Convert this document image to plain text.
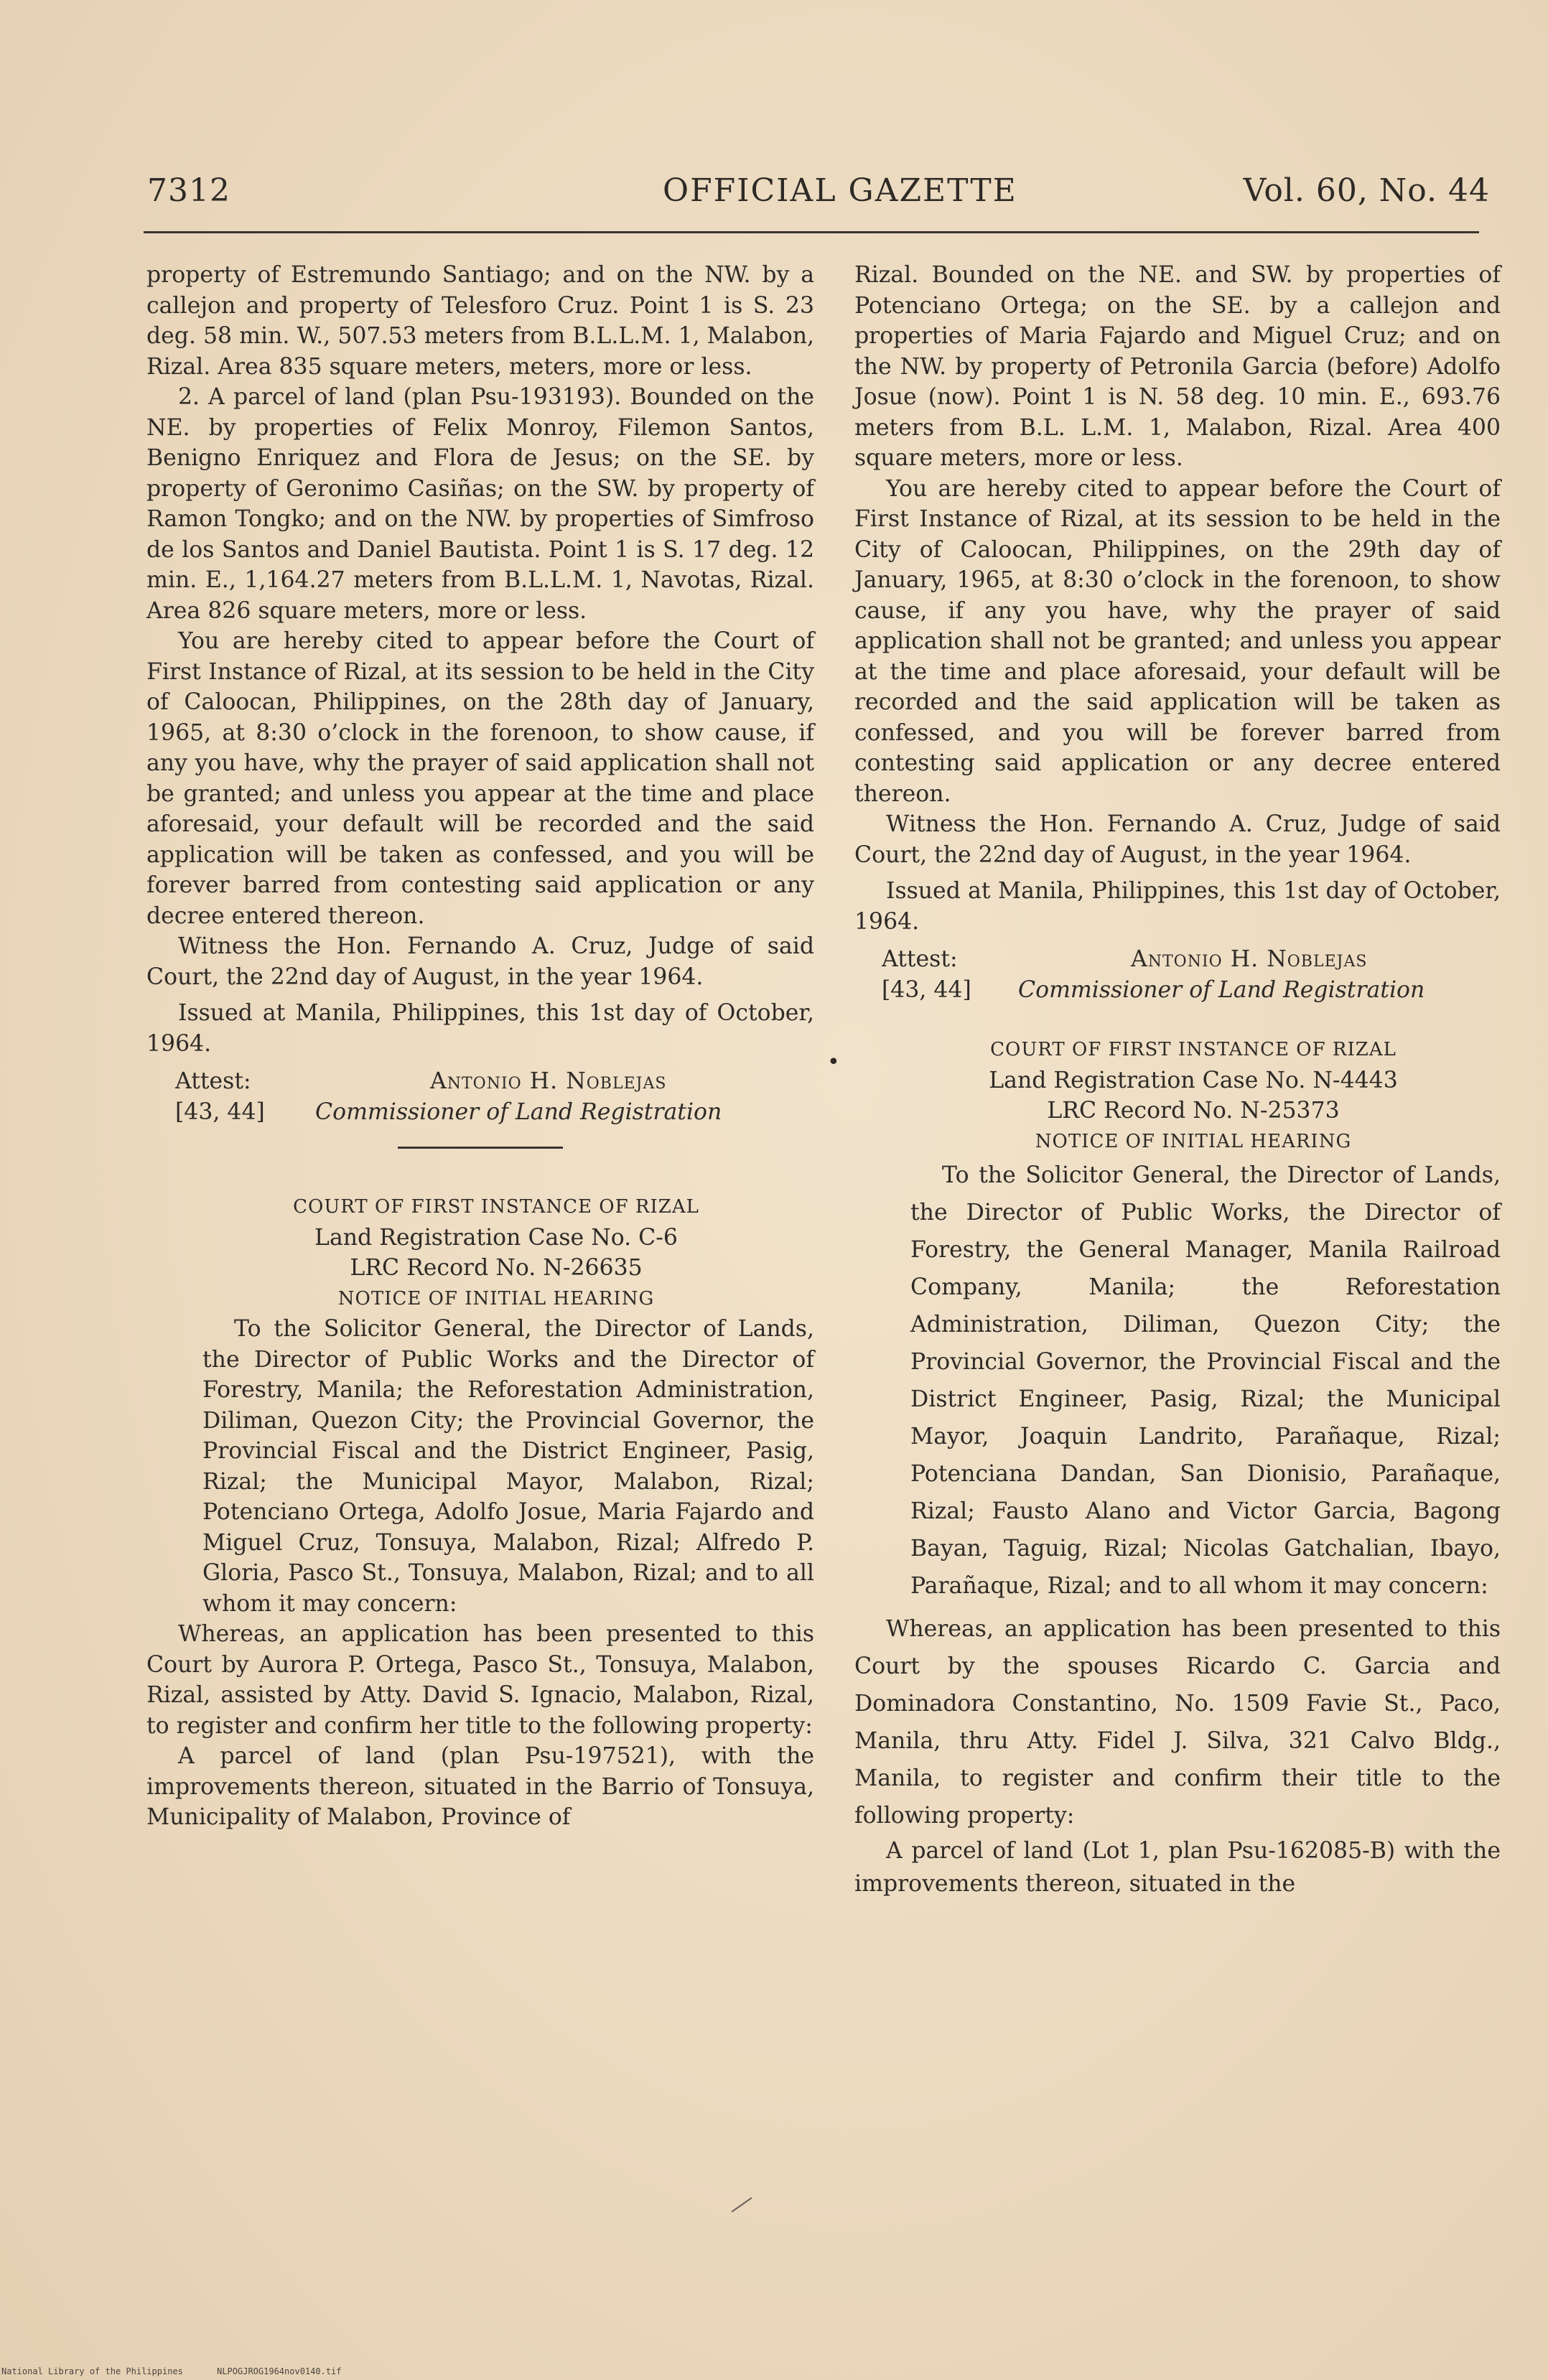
7312	OFFICIAL GAZETTE	Vol. 60, No. 44

property of Estremundo Santiago; and on the NW. by a callejon and property of Telesforo Cruz. Point 1 is S. 23 deg. 58 min. W., 507.53 meters from B.L.L.M. 1, Malabon, Rizal. Area 835 square meters, meters, more or less.

2. A parcel of land (plan Psu-193193). Bounded on the NE. by properties of Felix Monroy, Filemon Santos, Benigno Enriquez and Flora de Jesus; on the SE. by property of Geronimo Casiñas; on the SW. by property of Ramon Tongko; and on the NW. by properties of Simfroso de los Santos and Daniel Bautista. Point 1 is S. 17 deg. 12 min. E., 1,164.27 meters from B.L.L.M. 1, Navotas, Rizal. Area 826 square meters, more or less.

You are hereby cited to appear before the Court of First Instance of Rizal, at its session to be held in the City of Caloocan, Philippines, on the 28th day of January, 1965, at 8:30 o’clock in the forenoon, to show cause, if any you have, why the prayer of said application shall not be granted; and unless you appear at the time and place aforesaid, your default will be recorded and the said application will be taken as confessed, and you will be forever barred from contesting said application or any decree entered thereon.

Witness the Hon. Fernando A. Cruz, Judge of said Court, the 22nd day of August, in the year 1964.

Issued at Manila, Philippines, this 1st day of October, 1964.

Attest:	Antonio H. Noblejas
[43, 44] Commissioner of Land Registration

COURT OF FIRST INSTANCE OF RIZAL

Land Registration Case No. C-6

LRC Record No. N-26635

NOTICE OF INITIAL HEARING

To the Solicitor General, the Director of Lands, the Director of Public Works and the Director of Forestry, Manila; the Reforestation Administration, Diliman, Quezon City; the Provincial Governor, the Provincial Fiscal and the District Engineer, Pasig, Rizal; the Municipal Mayor, Malabon, Rizal; Potenciano Ortega, Adolfo Josue, Maria Fajardo and Miguel Cruz, Tonsuya, Malabon, Rizal; Alfredo P. Gloria, Pasco St., Tonsuya, Malabon, Rizal; and to all whom it may concern:

Whereas, an application has been presented to this Court by Aurora P. Ortega, Pasco St., Tonsuya, Malabon, Rizal, assisted by Atty. David S. Ignacio, Malabon, Rizal, to register and confirm her title to the following property:

A parcel of land (plan Psu-197521), with the improvements thereon, situated in the Barrio of Tonsuya, Municipality of Malabon, Province of

•

Rizal. Bounded on the NE. and SW. by properties of Potenciano Ortega; on the SE. by a callejon and properties of Maria Fajardo and Miguel Cruz; and on the NW. by property of Petronila Garcia (before) Adolfo Josue (now). Point 1 is N. 58 deg. 10 min. E., 693.76 meters from B.L. L.M. 1, Malabon, Rizal. Area 400 square meters, more or less.

You are hereby cited to appear before the Court of First Instance of Rizal, at its session to be held in the City of Caloocan, Philippines, on the 29th day of January, 1965, at 8:30 o’clock in the forenoon, to show cause, if any you have, why the prayer of said application shall not be granted; and unless you appear at the time and place aforesaid, your default will be recorded and the said application will be taken as confessed, and you will be forever barred from contesting said application or any decree entered thereon.

Witness the Hon. Fernando A. Cruz, Judge of said Court, the 22nd day of August, in the year 1964.

Issued at Manila, Philippines, this 1st day of October, 1964.

Attest:	Antonio H. Noblejas
[43, 44] Commissioner of Land Registration

COURT OF FIRST INSTANCE OF RIZAL

Land Registration Case No. N-4443

LRC Record No. N-25373

NOTICE OF INITIAL HEARING

To the Solicitor General, the Director of Lands, the Director of Public Works, the Director of Forestry, the General Manager, Manila Railroad Company, Manila; the Reforestation Administration, Diliman, Quezon City; the Provincial Governor, the Provincial Fiscal and the District Engineer, Pasig, Rizal; the Municipal Mayor, Joaquin Landrito, Parañaque, Rizal; Potenciana Dandan, San Dionisio, Parañaque, Rizal; Fausto Alano and Victor Garcia, Bagong Bayan, Taguig, Rizal; Nicolas Gatchalian, Ibayo, Parañaque, Rizal; and to all whom it may concern:

Whereas, an application has been presented to this Court by the spouses Ricardo C. Garcia and Dominadora Constantino, No. 1509 Favie St., Paco, Manila, thru Atty. Fidel J. Silva, 321 Calvo Bldg., Manila, to register and confirm their title to the following property:

A parcel of land (Lot 1, plan Psu-162085-B) with the improvements thereon, situated in the

National Library of the Philippines	NLPOGJROG1964nov0140.tif
